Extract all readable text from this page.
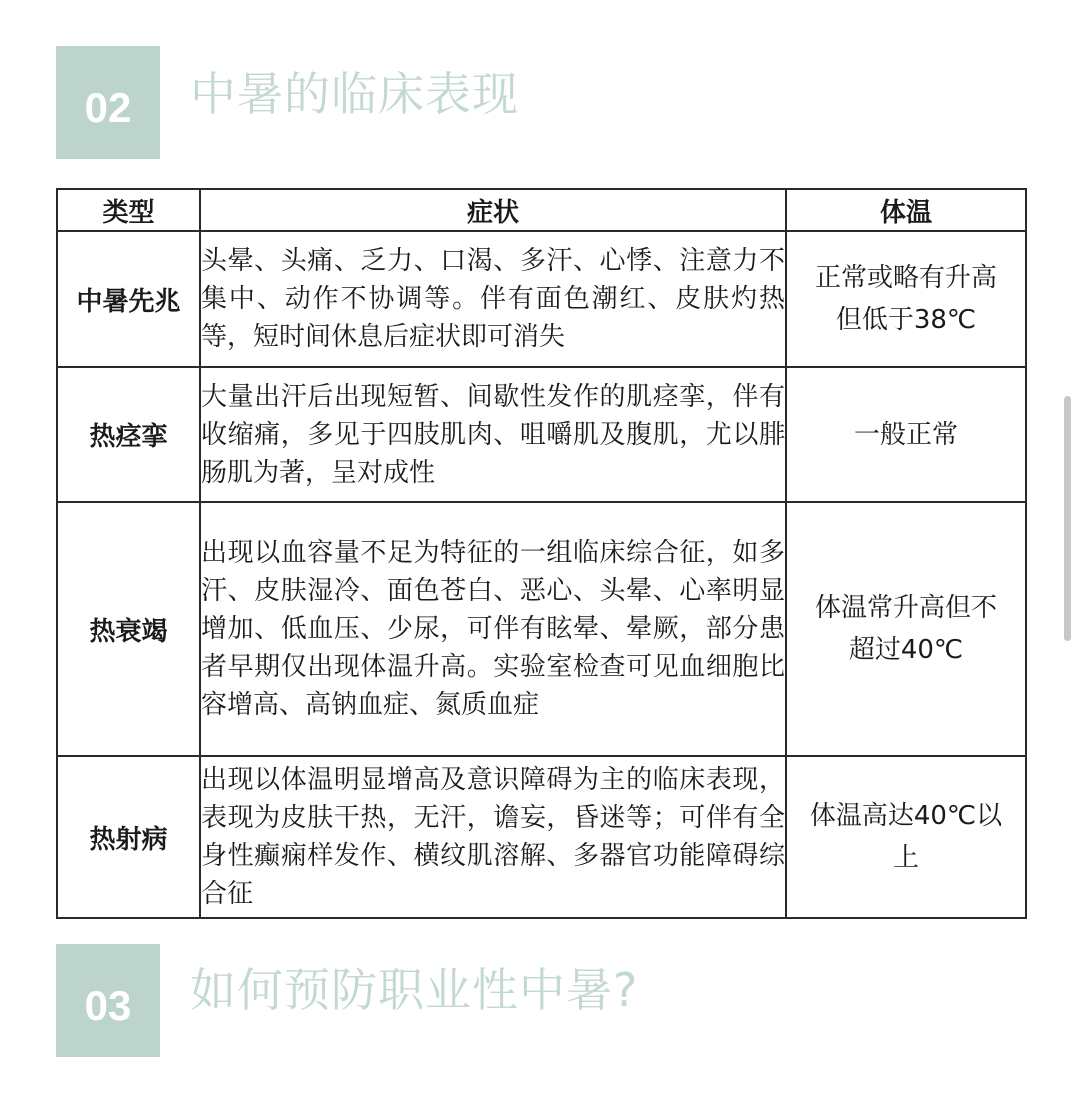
02	中暑的临床表现
类型	症状	体温
中暑先兆	头晕、头痛、乏力、口渴、多汗、心悸、注意力不集中、动作不协调等。伴有面色潮红、皮肤灼热等，短时间休息后症状即可消失	正常或略有升高
但低于38℃
热痉挛	大量出汗后出现短暂、间歇性发作的肌痉挛，伴有收缩痛，多见于四肢肌肉、咀嚼肌及腹肌，尤以腓肠肌为著，呈对成性	一般正常
热衰竭	出现以血容量不足为特征的一组临床综合征，如多汗、皮肤湿冷、面色苍白、恶心、头晕、心率明显增加、低血压、少尿，可伴有眩晕、晕厥，部分患者早期仅出现体温升高。实验室检查可见血细胞比容增高、高钠血症、氮质血症	体温常升高但不
超过40℃
热射病	出现以体温明显增高及意识障碍为主的临床表现，表现为皮肤干热，无汗，谵妄，昏迷等；可伴有全身性癫痫样发作、横纹肌溶解、多器官功能障碍综合征	体温高达40℃以
上
03	如何预防职业性中暑?
